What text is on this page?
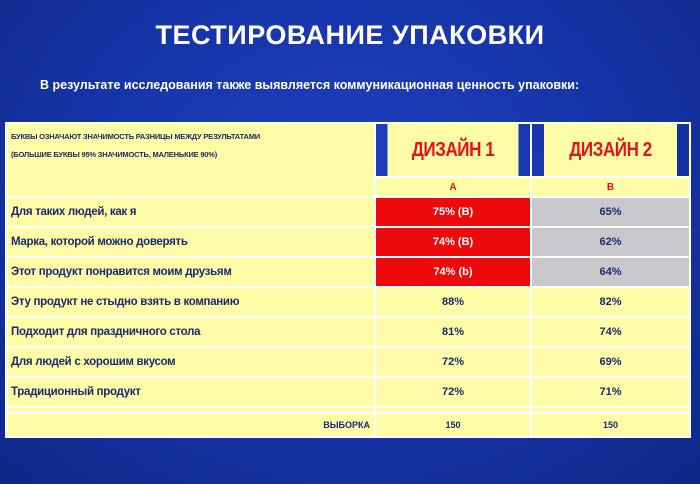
ТЕСТИРОВАНИЕ УПАКОВКИ
В результате исследования также выявляется коммуникационная ценность упаковки:
БУКВЫ ОЗНАЧАЮТ ЗНАЧИМОСТЬ РАЗНИЦЫ МЕЖДУ РЕЗУЛЬТАТАМИ
(БОЛЬШИЕ БУКВЫ 95% ЗНАЧИМОСТЬ, МАЛЕНЬКИЕ 90%)	ДИЗАЙН 1	ДИЗАЙН 2
	A	B
Для таких людей, как я	75% (B)	65%
Марка, которой можно доверять	74% (B)	62%
Этот продукт понравится моим друзьям	74% (b)	64%
Эту продукт не стыдно взять в компанию	88%	82%
Подходит для праздничного стола	81%	74%
Для людей с хорошим вкусом	72%	69%
Традиционный продукт	72%	71%

ВЫБОРКА	150	150
